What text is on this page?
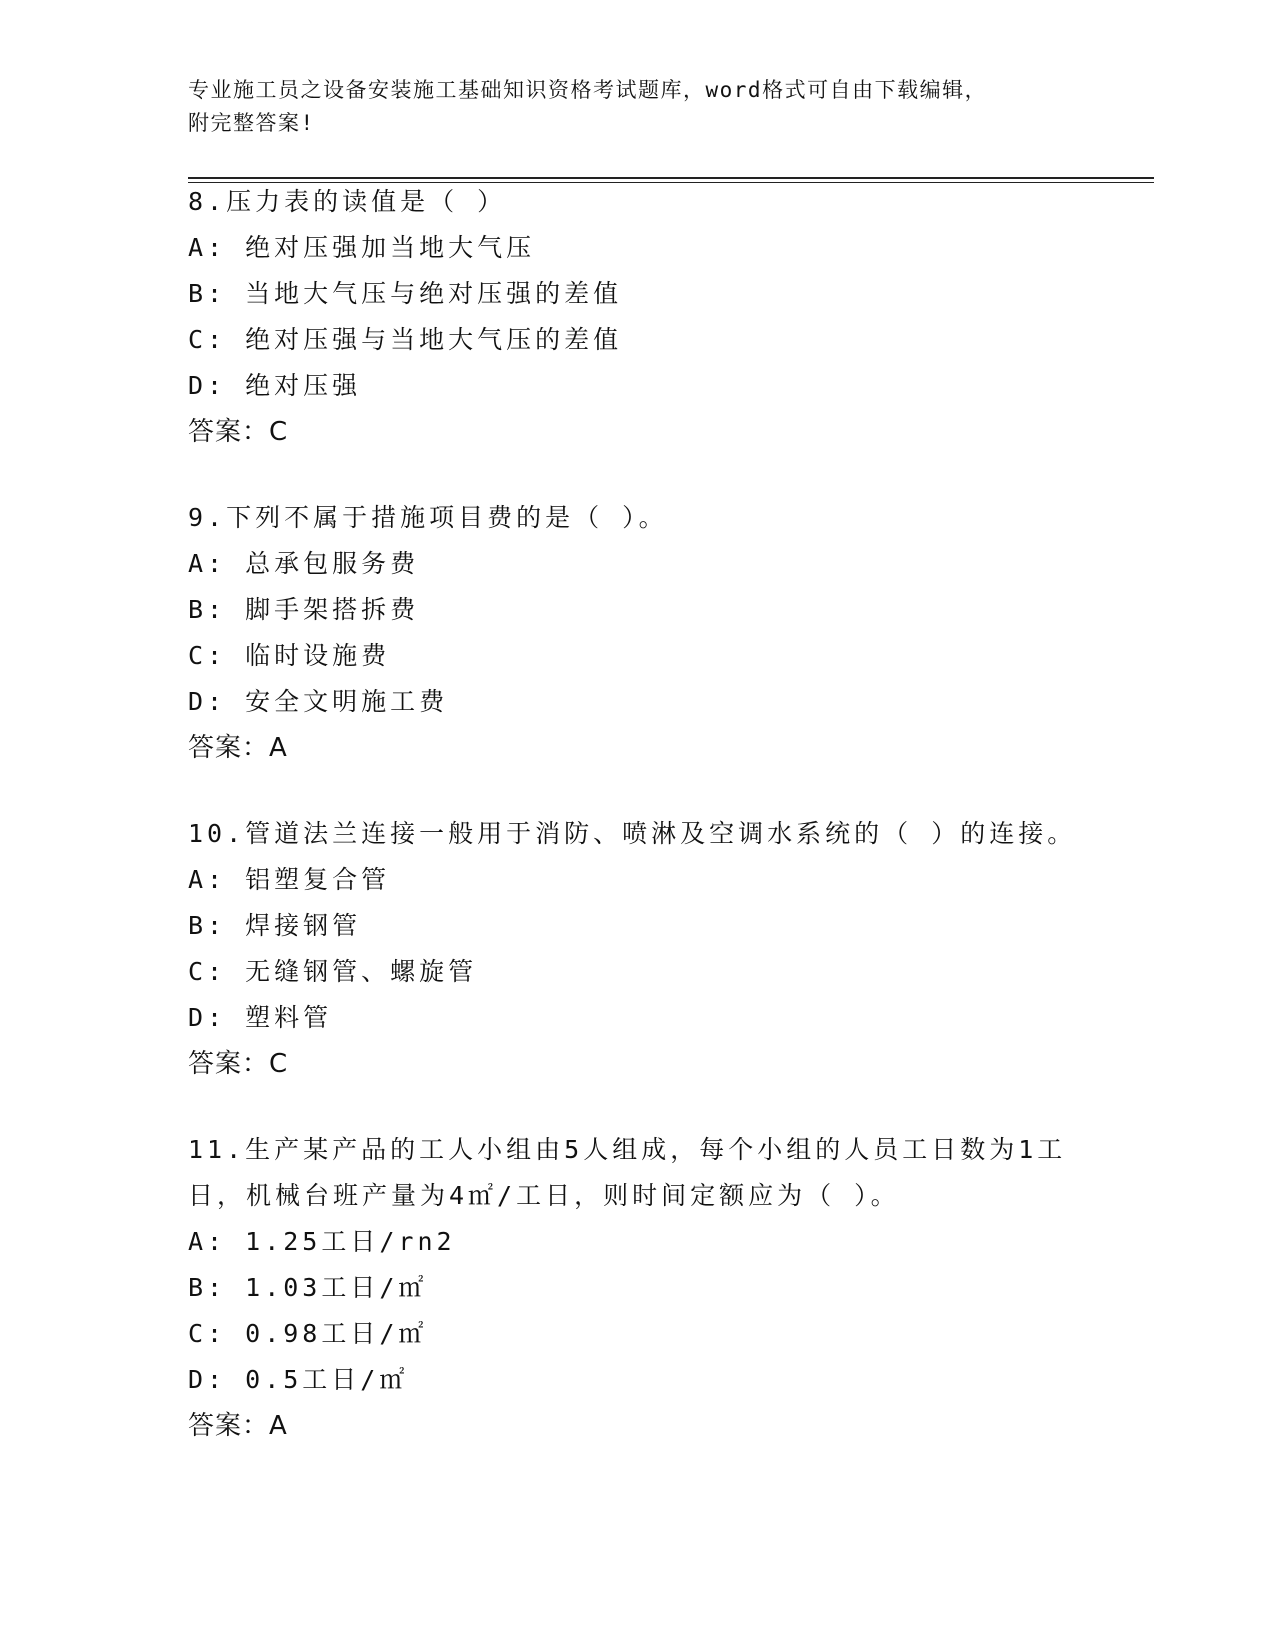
专业施工员之设备安装施工基础知识资格考试题库，word格式可自由下载编辑，
附完整答案!
8.压力表的读值是（ ）
A: 绝对压强加当地大气压
B: 当地大气压与绝对压强的差值
C: 绝对压强与当地大气压的差值
D: 绝对压强
答案：C
9.下列不属于措施项目费的是（ ）。
A: 总承包服务费
B: 脚手架搭拆费
C: 临时设施费
D: 安全文明施工费
答案：A
10.管道法兰连接一般用于消防、喷淋及空调水系统的（ ）的连接。
A: 铝塑复合管
B: 焊接钢管
C: 无缝钢管、螺旋管
D: 塑料管
答案：C
11.生产某产品的工人小组由5人组成，每个小组的人员工日数为1工
日，机械台班产量为4㎡/工日，则时间定额应为（ ）。
A: 1.25工日/rn2
B: 1.03工日/㎡
C: 0.98工日/㎡
D: 0.5工日/㎡
答案：A
